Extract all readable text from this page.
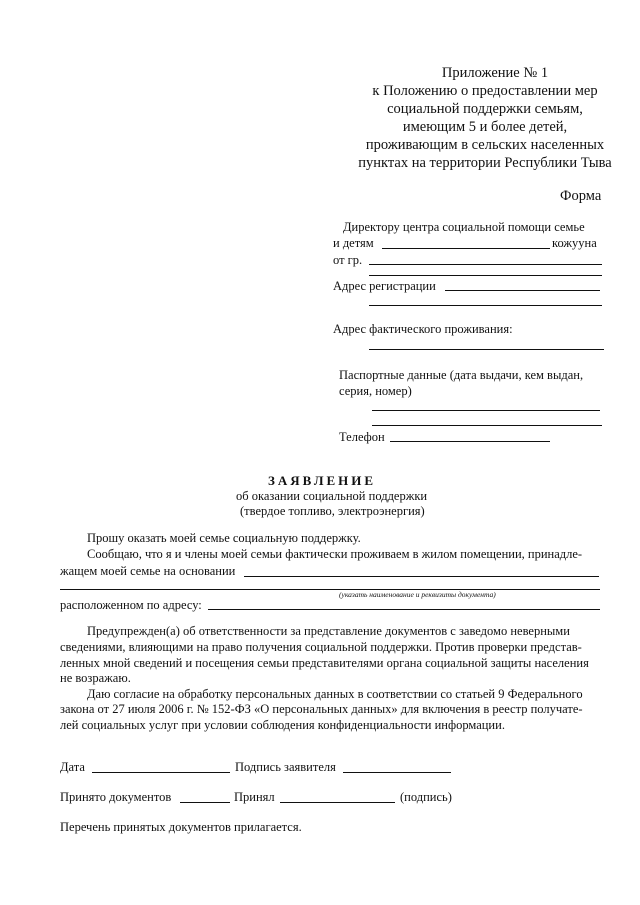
Приложение № 1
к Положению о предоставлении мер
социальной поддержки семьям,
имеющим 5 и более детей,
проживающим в сельских населенных
пунктах на территории Республики Тыва
Форма
Директору центра социальной помощи семье
и детям	кожууна
от гр.
Адрес регистрации
Адрес фактического проживания:
Паспортные данные (дата выдачи, кем выдан,
серия, номер)
Телефон
ЗАЯВЛЕНИЕ
об оказании социальной поддержки
(твердое топливо, электроэнергия)
Прошу оказать моей семье социальную поддержку.
Сообщаю, что я и члены моей семьи фактически проживаем в жилом помещении, принадле-
жащем моей семье на основании
(указать наименование и реквизиты документа)
расположенном по адресу:
Предупрежден(а) об ответственности за представление документов с заведомо неверными
сведениями, влияющими на право получения социальной поддержки. Против проверки представ-
ленных мной сведений и посещения семьи представителями органа социальной защиты населения
не возражаю.
Даю согласие на обработку персональных данных в соответствии со статьей 9 Федерального
закона от 27 июля 2006 г. № 152-ФЗ «О персональных данных» для включения в реестр получате-
лей социальных услуг при условии соблюдения конфиденциальности информации.
Дата	Подпись заявителя
Принято документов	Принял	(подпись)
Перечень принятых документов прилагается.
